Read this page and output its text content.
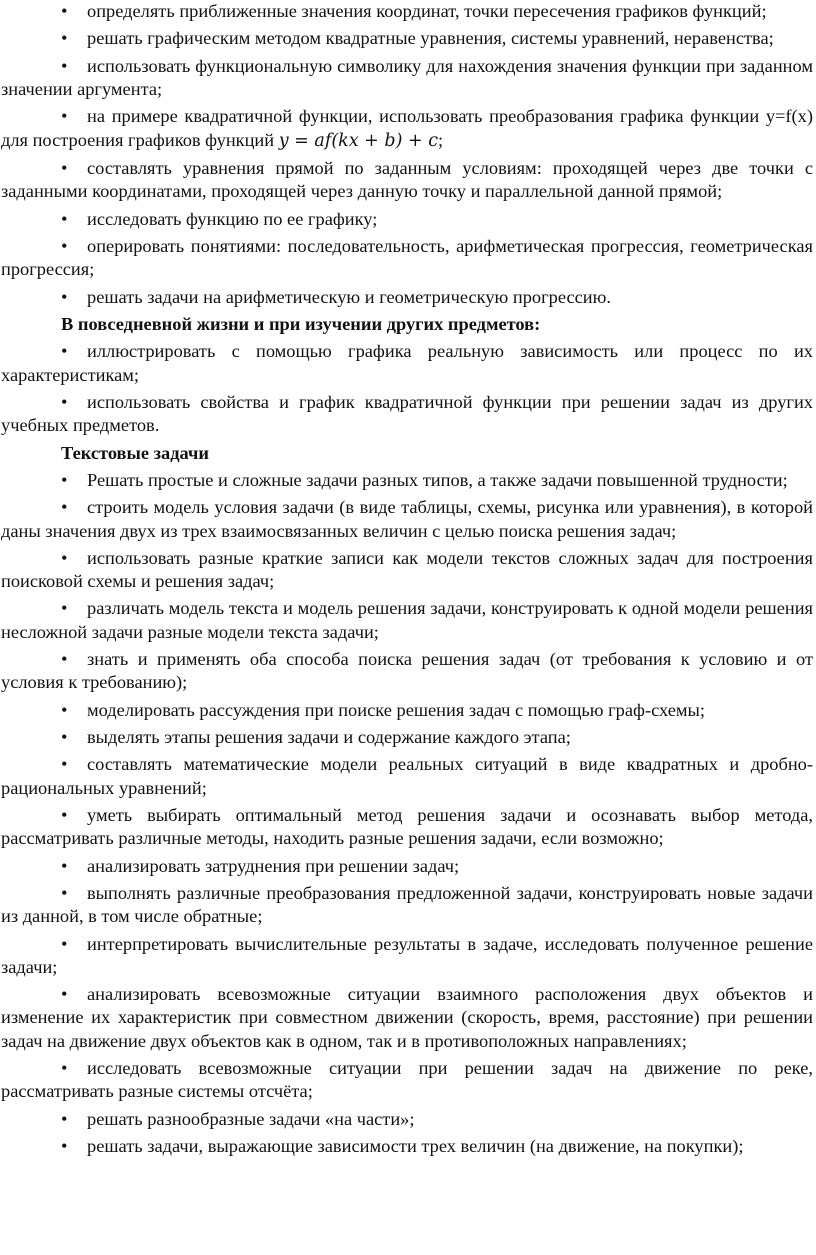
• определять приближенные значения координат, точки пересечения графиков функций;

• решать графическим методом квадратные уравнения, системы уравнений, неравенства;

• использовать функциональную символику для нахождения значения функции при заданном значении аргумента;

• на примере квадратичной функции, использовать преобразования графика функции y=f(x) для построения графиков функций y = af(kx + b) + c;

• составлять уравнения прямой по заданным условиям: проходящей через две точки с заданными координатами, проходящей через данную точку и параллельной данной прямой;

• исследовать функцию по ее графику;

• оперировать понятиями: последовательность, арифметическая прогрессия, геометрическая прогрессия;

• решать задачи на арифметическую и геометрическую прогрессию.

В повседневной жизни и при изучении других предметов:

• иллюстрировать с помощью графика реальную зависимость или процесс по их характеристикам;

• использовать свойства и график квадратичной функции при решении задач из других учебных предметов.

Текстовые задачи

• Решать простые и сложные задачи разных типов, а также задачи повышенной трудности;

• строить модель условия задачи (в виде таблицы, схемы, рисунка или уравнения), в которой даны значения двух из трех взаимосвязанных величин с целью поиска решения задач;

• использовать разные краткие записи как модели текстов сложных задач для построения поисковой схемы и решения задач;

• различать модель текста и модель решения задачи, конструировать к одной модели решения несложной задачи разные модели текста задачи;

• знать и применять оба способа поиска решения задач (от требования к условию и от условия к требованию);

• моделировать рассуждения при поиске решения задач с помощью граф-схемы;

• выделять этапы решения задачи и содержание каждого этапа;

• составлять математические модели реальных ситуаций в виде квадратных и дробно-рациональных уравнений;

• уметь выбирать оптимальный метод решения задачи и осознавать выбор метода, рассматривать различные методы, находить разные решения задачи, если возможно;

• анализировать затруднения при решении задач;

• выполнять различные преобразования предложенной задачи, конструировать новые задачи из данной, в том числе обратные;

• интерпретировать вычислительные результаты в задаче, исследовать полученное решение задачи;

• анализировать всевозможные ситуации взаимного расположения двух объектов и изменение их характеристик при совместном движении (скорость, время, расстояние) при решении задач на движение двух объектов как в одном, так и в противоположных направлениях;

• исследовать всевозможные ситуации при решении задач на движение по реке, рассматривать разные системы отсчёта;

• решать разнообразные задачи «на части»;

• решать задачи, выражающие зависимости трех величин (на движение, на покупки);
